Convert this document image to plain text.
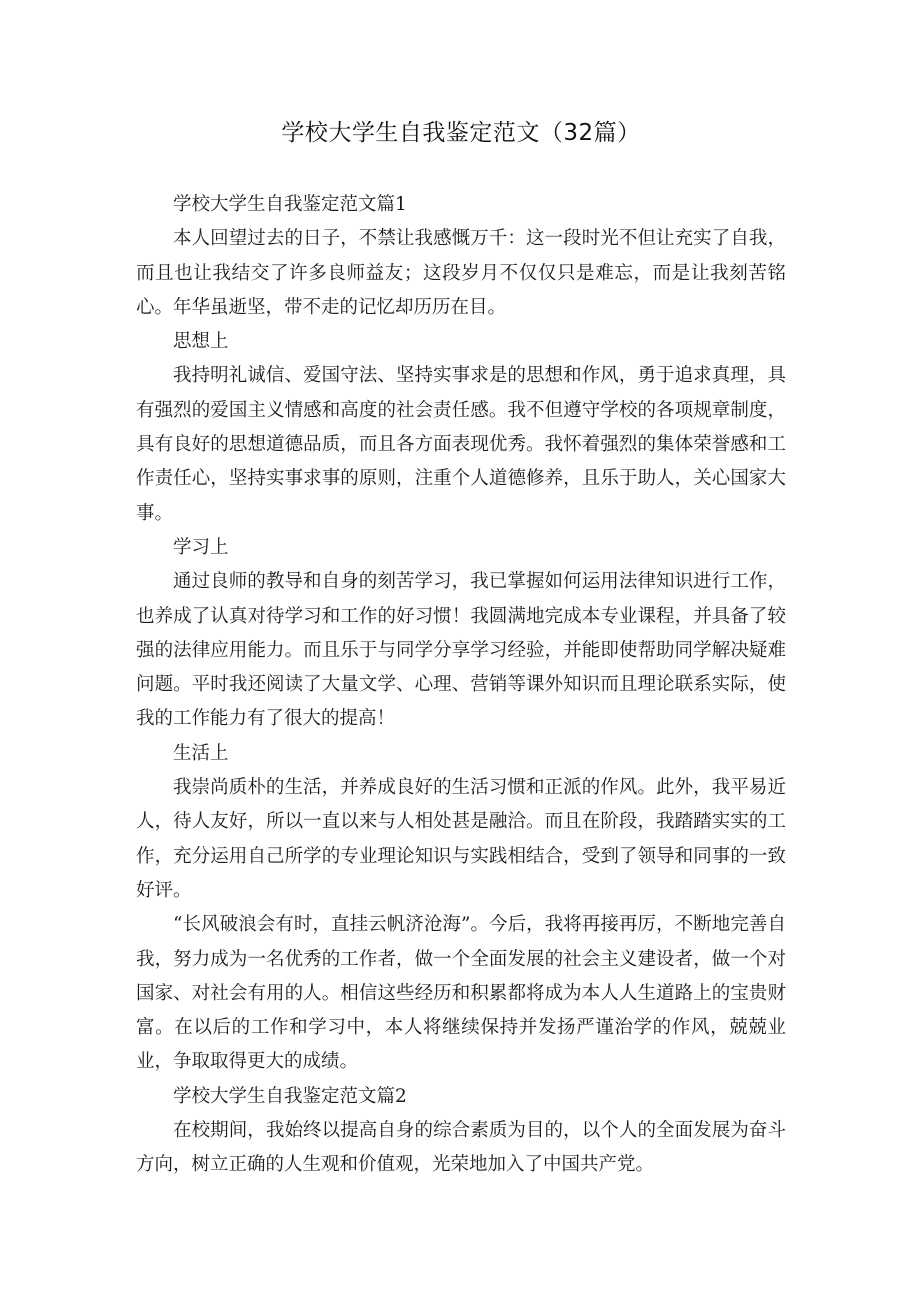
学校大学生自我鉴定范文（32篇）

学校大学生自我鉴定范文篇1

本人回望过去的日子，不禁让我感慨万千：这一段时光不但让充实了自我，而且也让我结交了许多良师益友；这段岁月不仅仅只是难忘，而是让我刻苦铭心。年华虽逝坚，带不走的记忆却历历在目。

思想上

我持明礼诚信、爱国守法、坚持实事求是的思想和作风，勇于追求真理，具有强烈的爱国主义情感和高度的社会责任感。我不但遵守学校的各项规章制度，具有良好的思想道德品质，而且各方面表现优秀。我怀着强烈的集体荣誉感和工作责任心，坚持实事求事的原则，注重个人道德修养，且乐于助人，关心国家大事。

学习上

通过良师的教导和自身的刻苦学习，我已掌握如何运用法律知识进行工作，也养成了认真对待学习和工作的好习惯！我圆满地完成本专业课程，并具备了较强的法律应用能力。而且乐于与同学分享学习经验，并能即使帮助同学解决疑难问题。平时我还阅读了大量文学、心理、营销等课外知识而且理论联系实际，使我的工作能力有了很大的提高！

生活上

我崇尚质朴的生活，并养成良好的生活习惯和正派的作风。此外，我平易近人，待人友好，所以一直以来与人相处甚是融洽。而且在阶段，我踏踏实实的工作，充分运用自己所学的专业理论知识与实践相结合，受到了领导和同事的一致好评。

“长风破浪会有时，直挂云帆济沧海”。今后，我将再接再厉，不断地完善自我，努力成为一名优秀的工作者，做一个全面发展的社会主义建设者，做一个对国家、对社会有用的人。相信这些经历和积累都将成为本人人生道路上的宝贵财富。在以后的工作和学习中，本人将继续保持并发扬严谨治学的作风，兢兢业业，争取取得更大的成绩。

学校大学生自我鉴定范文篇2

在校期间，我始终以提高自身的综合素质为目的，以个人的全面发展为奋斗方向，树立正确的人生观和价值观，光荣地加入了中国共产党。
